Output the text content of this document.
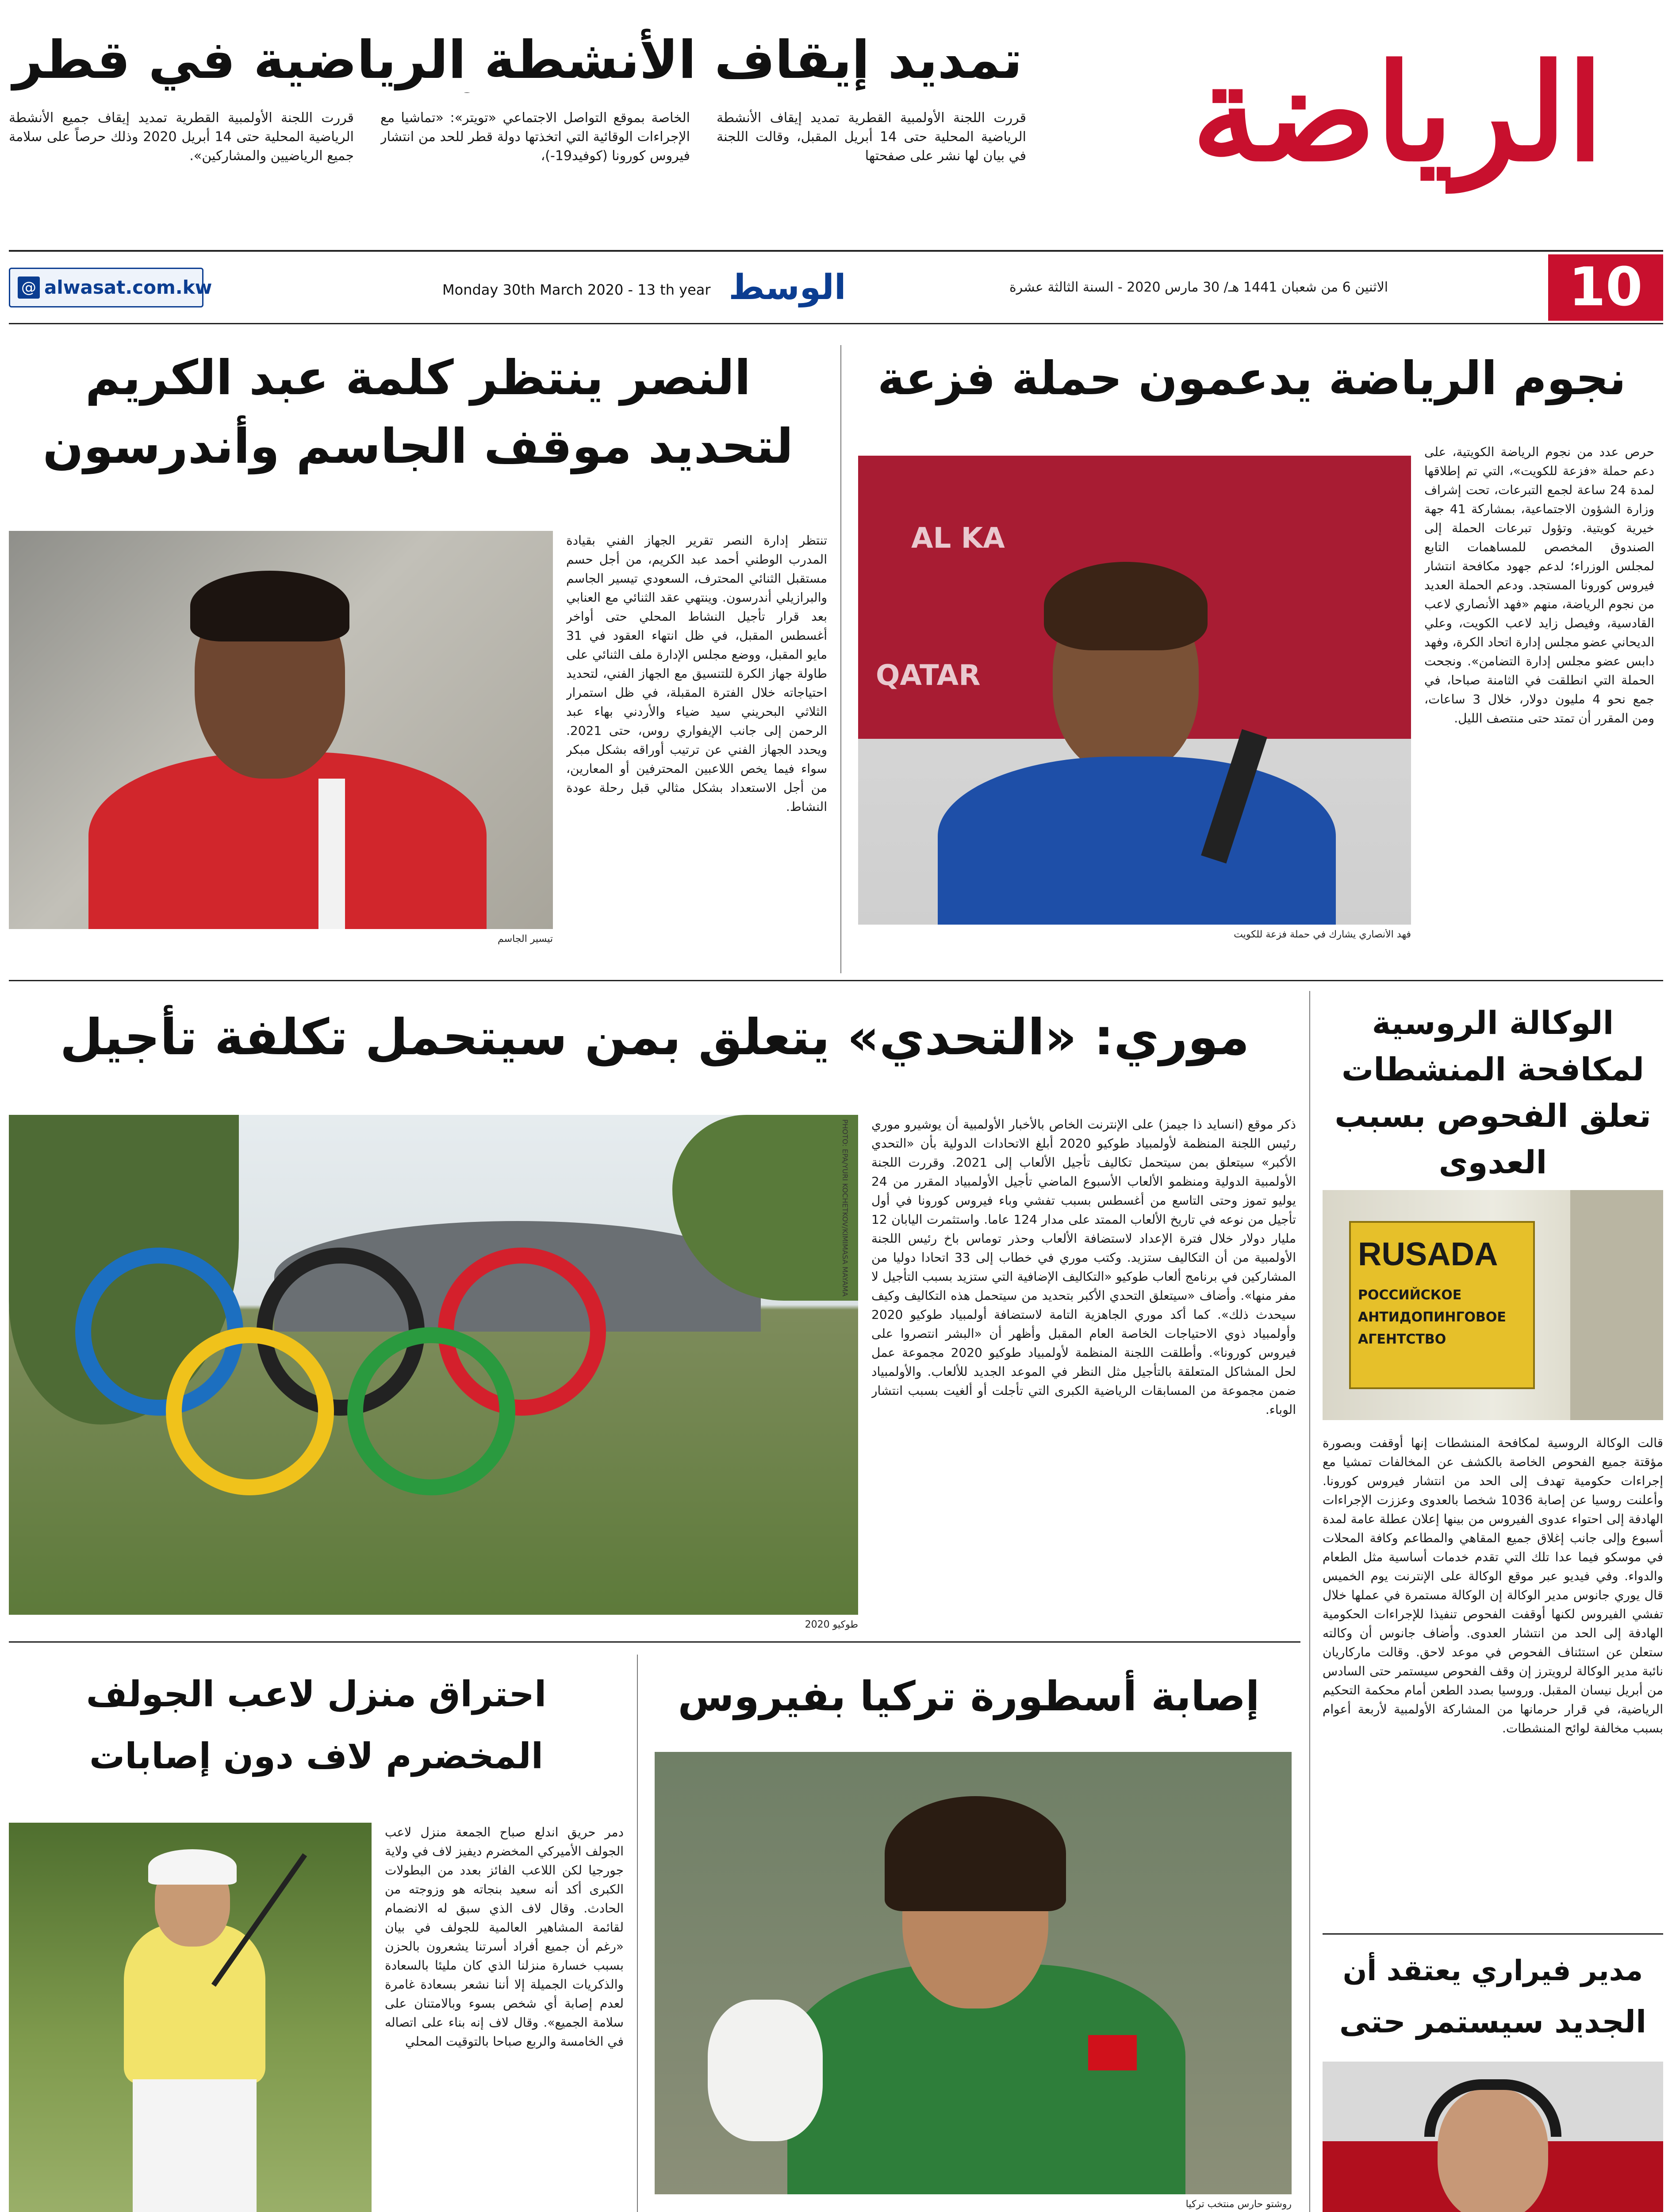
الرياضة
تمديد إيقاف الأنشطة الرياضية في قطر
قررت اللجنة الأولمبية القطرية تمديد إيقاف الأنشطة الرياضية المحلية حتى 14 أبريل المقبل، وقالت اللجنة في بيان لها نشر على صفحتها
الخاصة بموقع التواصل الاجتماعي «تويتر»: «تماشيا مع الإجراءات الوقائية التي اتخذتها دولة قطر للحد من انتشار فيروس كورونا (كوفيد19-)،
قررت اللجنة الأولمبية القطرية تمديد إيقاف جميع الأنشطة الرياضية المحلية حتى 14 أبريل 2020 وذلك حرصاً على سلامة جميع الرياضيين والمشاركين».
10
الاثنين 6 من شعبان 1441 هـ/ 30 مارس 2020 - السنة الثالثة عشرة
الوسط
Monday 30th March 2020 - 13 th year
@ alwasat.com.kw
نجوم الرياضة يدعمون حملة فزعة
QATAR
AL KA
فهد الأنصاري يشارك في حملة فزعة للكويت
حرص عدد من نجوم الرياضة الكويتية، على دعم حملة «فزعة للكويت»، التي تم إطلاقها لمدة 24 ساعة لجمع التبرعات، تحت إشراف وزارة الشؤون الاجتماعية، بمشاركة 41 جهة خيرية كويتية. وتؤول تبرعات الحملة إلى الصندوق المخصص للمساهمات التابع لمجلس الوزراء؛ لدعم جهود مكافحة انتشار فيروس كورونا المستجد. ودعم الحملة العديد من نجوم الرياضة، منهم «فهد الأنصاري لاعب القادسية، وفيصل زايد لاعب الكويت، وعلي الديحاني عضو مجلس إدارة اتحاد الكرة، وفهد دابس عضو مجلس إدارة التضامن». ونجحت الحملة التي انطلقت في الثامنة صباحا، في جمع نحو 4 مليون دولار، خلال 3 ساعات، ومن المقرر أن تمتد حتى منتصف الليل.
النصر ينتظر كلمة عبد الكريم
لتحديد موقف الجاسم وأندرسون
تيسير الجاسم
تنتظر إدارة النصر تقرير الجهاز الفني بقيادة المدرب الوطني أحمد عبد الكريم، من أجل حسم مستقبل الثنائي المحترف، السعودي تيسير الجاسم والبرازيلي أندرسون. وينتهي عقد الثنائي مع العنابي بعد قرار تأجيل النشاط المحلي حتى أواخر أغسطس المقبل، في ظل انتهاء العقود في 31 مايو المقبل، ووضع مجلس الإدارة ملف الثنائي على طاولة جهاز الكرة للتنسيق مع الجهاز الفني، لتحديد احتياجاته خلال الفترة المقبلة، في ظل استمرار الثلاثي البحريني سيد ضياء والأردني بهاء عبد الرحمن إلى جانب الإيفواري روس، حتى 2021. ويحدد الجهاز الفني عن ترتيب أوراقه بشكل مبكر سواء فيما يخص اللاعبين المحترفين أو المعارين، من أجل الاستعداد بشكل مثالي قبل رحلة عودة النشاط.
الوكالة الروسية لمكافحة المنشطات تعلق الفحوص بسبب العدوى
RUSADA
РОССИЙСКОЕ
АНТИДОПИНГОВОЕ
АГЕНТСТВО
قالت الوكالة الروسية لمكافحة المنشطات إنها أوقفت وبصورة مؤقتة جميع الفحوص الخاصة بالكشف عن المخالفات تمشيا مع إجراءات حكومية تهدف إلى الحد من انتشار فيروس كورونا. وأعلنت روسيا عن إصابة 1036 شخصا بالعدوى وعززت الإجراءات الهادفة إلى احتواء عدوى الفيروس من بينها إعلان عطلة عامة لمدة أسبوع وإلى جانب إغلاق جميع المقاهي والمطاعم وكافة المحلات في موسكو فيما عدا تلك التي تقدم خدمات أساسية مثل الطعام والدواء. وفي فيديو عبر موقع الوكالة على الإنترنت يوم الخميس قال يوري جانوس مدير الوكالة إن الوكالة مستمرة في عملها خلال تفشي الفيروس لكنها أوقفت الفحوص تنفيذا للإجراءات الحكومية الهادفة إلى الحد من انتشار العدوى. وأضاف جانوس أن وكالته ستعلن عن استئناف الفحوص في موعد لاحق. وقالت ماركاريان نائبة مدير الوكالة لرويترز إن وقف الفحوص سيستمر حتى السادس من أبريل نيسان المقبل. وروسيا بصدد الطعن أمام محكمة التحكيم الرياضية، في قرار حرمانها من المشاركة الأولمبية لأربعة أعوام بسبب مخالفة لوائح المنشطات.
مدير فيراري يعتقد أن
الجديد سيستمر حتى
موري: «التحدي» يتعلق بمن سيتحمل تكلفة تأجيل
PHOTO: EPA/YURI KOCHETKOV/KIMIMASA MAYAMA
طوكيو 2020
ذكر موقع (انسايد ذا جيمز) على الإنترنت الخاص بالأخبار الأولمبية أن يوشيرو موري رئيس اللجنة المنظمة لأولمبياد طوكيو 2020 أبلغ الاتحادات الدولية بأن «التحدي الأكبر» سيتعلق بمن سيتحمل تكاليف تأجيل الألعاب إلى 2021. وقررت اللجنة الأولمبية الدولية ومنظمو الألعاب الأسبوع الماضي تأجيل الأولمبياد المقرر من 24 يوليو تموز وحتى التاسع من أغسطس بسبب تفشي وباء فيروس كورونا في أول تأجيل من نوعه في تاريخ الألعاب الممتد على مدار 124 عاما. واستثمرت اليابان 12 مليار دولار خلال فترة الإعداد لاستضافة الألعاب وحذر توماس باخ رئيس اللجنة الأولمبية من أن التكاليف ستزيد. وكتب موري في خطاب إلى 33 اتحادا دوليا من المشاركين في برنامج ألعاب طوكيو «التكاليف الإضافية التي ستزيد بسبب التأجيل لا مفر منها». وأضاف «سيتعلق التحدي الأكبر بتحديد من سيتحمل هذه التكاليف وكيف سيحدث ذلك». كما أكد موري الجاهزية التامة لاستضافة أولمبياد طوكيو 2020 وأولمبياد ذوي الاحتياجات الخاصة العام المقبل وأظهر أن «البشر انتصروا على فيروس كورونا». وأطلقت اللجنة المنظمة لأولمبياد طوكيو 2020 مجموعة عمل لحل المشاكل المتعلقة بالتأجيل مثل النظر في الموعد الجديد للألعاب. والأولمبياد ضمن مجموعة من المسابقات الرياضية الكبرى التي تأجلت أو ألغيت بسبب انتشار الوباء.
إصابة أسطورة تركيا بفيروس
روشتو حارس منتخب تركيا
احتراق منزل لاعب الجولف
المخضرم لاف دون إصابات
دمر حريق اندلع صباح الجمعة منزل لاعب الجولف الأميركي المخضرم ديفيز لاف في ولاية جورجيا لكن اللاعب الفائز بعدد من البطولات الكبرى أكد أنه سعيد بنجاته هو وزوجته من الحادث. وقال لاف الذي سبق له الانضمام لقائمة المشاهير العالمية للجولف في بيان «رغم أن جميع أفراد أسرتنا يشعرون بالحزن بسبب خسارة منزلنا الذي كان مليئا بالسعادة والذكريات الجميلة إلا أننا نشعر بسعادة غامرة لعدم إصابة أي شخص بسوء وبالامتنان على سلامة الجميع». وقال لاف إنه بناء على اتصاله في الخامسة والربع صباحا بالتوقيت المحلي
